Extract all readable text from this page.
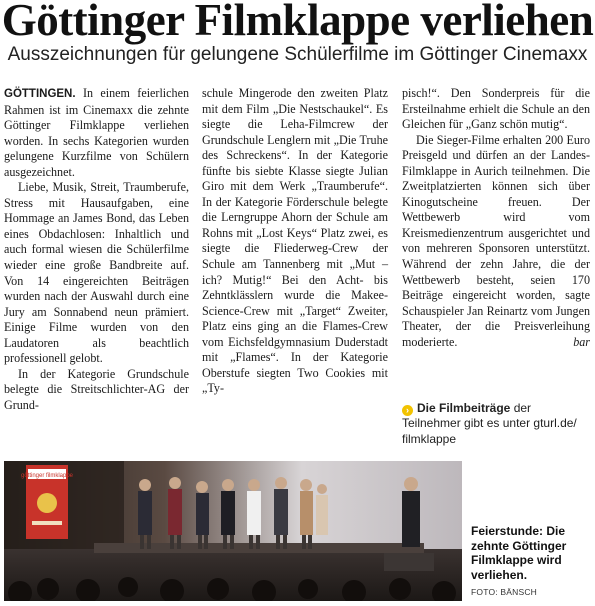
Göttinger Filmklappe verliehen
Ausszeichnungen für gelungene Schülerfilme im Göttinger Cinemaxx

GÖTTINGEN. In einem feierlichen Rahmen ist im Cinemaxx die zehnte Göttinger Filmklappe verliehen worden. In sechs Kategorien wurden gelungene Kurzfilme von Schülern ausgezeichnet.

Liebe, Musik, Streit, Traumberufe, Stress mit Hausaufgaben, eine Hommage an James Bond, das Leben eines Obdachlosen: Inhaltlich und auch formal wiesen die Schülerfilme wieder eine große Bandbreite auf. Von 14 eingereichten Beiträgen wurden nach der Auswahl durch eine Jury am Sonnabend neun prämiert. Einige Filme wurden von den Laudatoren als beachtlich professionell gelobt.

In der Kategorie Grundschule belegte die Streitschlichter-AG der Grund-

schule Mingerode den zweiten Platz mit dem Film „Die Nestschaukel“. Es siegte die Leha-Filmcrew der Grundschule Lenglern mit „Die Truhe des Schreckens“. In der Kategorie fünfte bis siebte Klasse siegte Julian Giro mit dem Werk „Traumberufe“. In der Kategorie Förderschule belegte die Lerngruppe Ahorn der Schule am Rohns mit „Lost Keys“ Platz zwei, es siegte die Fliederweg-Crew der Schule am Tannenberg mit „Mut – ich? Mutig!“ Bei den Acht- bis Zehntklässlern wurde die Makee-Science-Crew mit „Target“ Zweiter, Platz eins ging an die Flames-Crew vom Eichsfeldgymnasium Duderstadt mit „Flames“. In der Kategorie Oberstufe siegten Two Cookies mit „Ty-

pisch!“. Den Sonderpreis für die Ersteilnahme erhielt die Schule an den Gleichen für „Ganz schön mutig“.

Die Sieger-Filme erhalten 200 Euro Preisgeld und dürfen an der Landes-Filmklappe in Aurich teilnehmen. Die Zweitplatzierten können sich über Kinogutscheine freuen. Der Wettbewerb wird vom Kreismedienzentrum ausgerichtet und von mehreren Sponsoren unterstützt. Während der zehn Jahre, die der Wettbewerb besteht, seien 170 Beiträge eingereicht worden, sagte Schauspieler Jan Reinartz vom Jungen Theater, der die Preisverleihung moderierte.	bar

› Die Filmbeiträge der Teilnehmer gibt es unter gturl.de/ filmklappe
göttinger filmklappe
Feierstunde: Die zehnte Göttinger Filmklappe wird verliehen.
FOTO: BÄNSCH
